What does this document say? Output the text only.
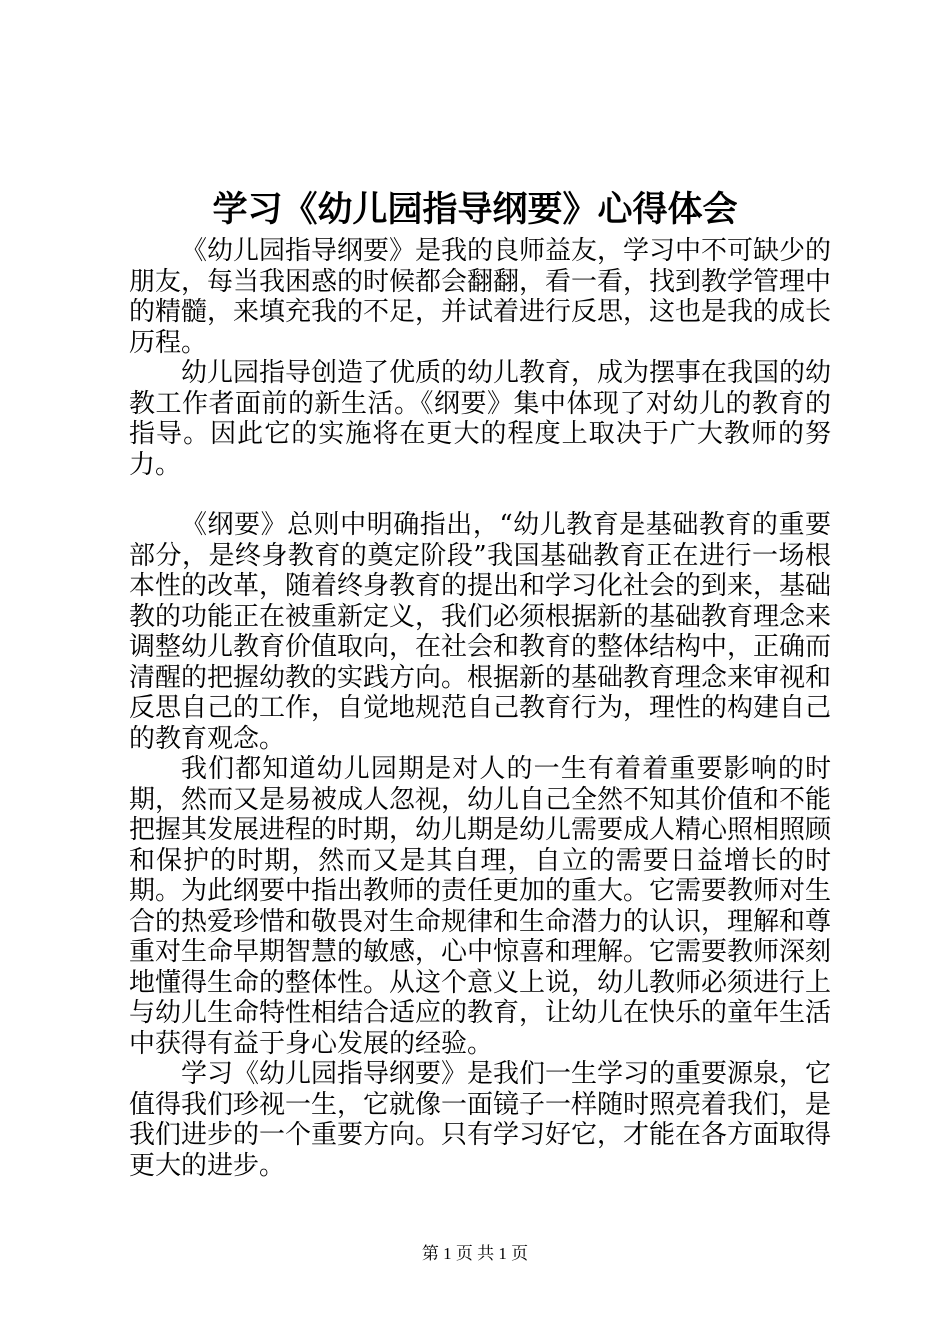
学习《幼儿园指导纲要》心得体会

《幼儿园指导纲要》是我的良师益友，学习中不可缺少的朋友，每当我困惑的时候都会翻翻，看一看，找到教学管理中的精髓，来填充我的不足，并试着进行反思，这也是我的成长历程。

幼儿园指导创造了优质的幼儿教育，成为摆事在我国的幼教工作者面前的新生活。《纲要》集中体现了对幼儿的教育的指导。因此它的实施将在更大的程度上取决于广大教师的努力。

《纲要》总则中明确指出，“幼儿教育是基础教育的重要部分，是终身教育的奠定阶段”我国基础教育正在进行一场根本性的改革，随着终身教育的提出和学习化社会的到来，基础教的功能正在被重新定义，我们必须根据新的基础教育理念来调整幼儿教育价值取向，在社会和教育的整体结构中，正确而清醒的把握幼教的实践方向。根据新的基础教育理念来审视和反思自己的工作，自觉地规范自己教育行为，理性的构建自己的教育观念。

我们都知道幼儿园期是对人的一生有着着重要影响的时期，然而又是易被成人忽视，幼儿自己全然不知其价值和不能把握其发展进程的时期，幼儿期是幼儿需要成人精心照相照顾和保护的时期，然而又是其自理，自立的需要日益增长的时期。为此纲要中指出教师的责任更加的重大。它需要教师对生合的热爱珍惜和敬畏对生命规律和生命潜力的认识，理解和尊重对生命早期智慧的敏感，心中惊喜和理解。它需要教师深刻地懂得生命的整体性。从这个意义上说，幼儿教师必须进行上与幼儿生命特性相结合适应的教育，让幼儿在快乐的童年生活中获得有益于身心发展的经验。

学习《幼儿园指导纲要》是我们一生学习的重要源泉，它值得我们珍视一生，它就像一面镜子一样随时照亮着我们，是我们进步的一个重要方向。只有学习好它，才能在各方面取得更大的进步。

第 1 页 共 1 页
